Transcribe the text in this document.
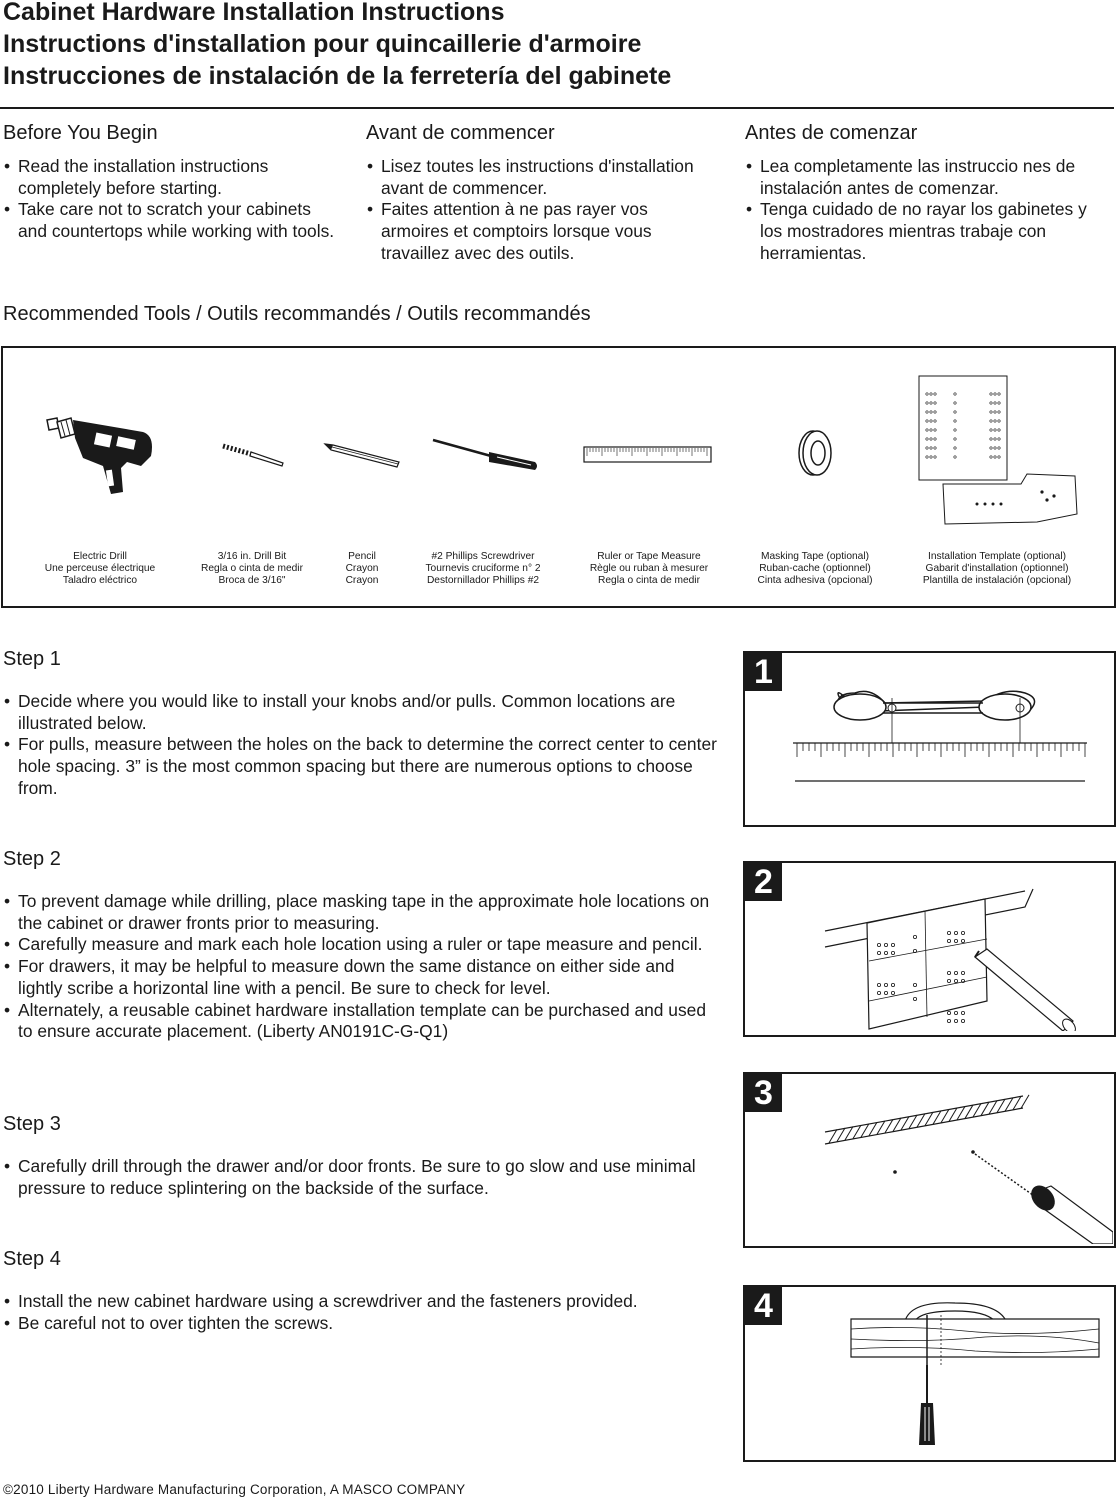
Cabinet Hardware Installation Instructions
Instructions d'installation pour quincaillerie d'armoire
Instrucciones de instalación de la ferretería del gabinete
Before You Begin
• Read the installation instructions completely before starting.
• Take care not to scratch your cabinets and countertops while working with tools.
Avant de commencer
• Lisez toutes les instructions d'installation avant de commencer.
• Faites attention à ne pas rayer vos armoires et comptoirs lorsque vous travaillez avec des outils.
Antes de comenzar
• Lea completamente las instruccio nes de instalación antes de comenzar.
• Tenga cuidado de no rayar los gabinetes y los mostradores mientras trabaje con herramientas.
Recommended Tools / Outils recommandés / Outils recommandés
Electric Drill
Une perceuse électrique
Taladro eléctrico
3/16 in. Drill Bit
Regla o cinta de medir
Broca de 3/16"
Pencil
Crayon
Crayon
#2 Phillips Screwdriver
Tournevis cruciforme n° 2
Destornillador Phillips #2
Ruler or Tape Measure
Règle ou ruban à mesurer
Regla o cinta de medir
Masking Tape (optional)
Ruban-cache (optionnel)
Cinta adhesiva (opcional)
Installation Template (optional)
Gabarit d'installation (optionnel)
Plantilla de instalación (opcional)
Step 1
• Decide where you would like to install your knobs and/or pulls. Common locations are illustrated below.
• For pulls, measure between the holes on the back to determine the correct center to center hole spacing. 3” is the most common spacing but there are numerous options to choose from.
1
Step 2
• To prevent damage while drilling, place masking tape in the approximate hole locations on the cabinet or drawer fronts prior to measuring.
• Carefully measure and mark each hole location using a ruler or tape measure and pencil.
• For drawers, it may be helpful to measure down the same distance on either side and lightly scribe a horizontal line with a pencil. Be sure to check for level.
• Alternately, a reusable cabinet hardware installation template can be purchased and used to ensure accurate placement. (Liberty AN0191C-G-Q1)
2
Step 3
• Carefully drill through the drawer and/or door fronts. Be sure to go slow and use minimal pressure to reduce splintering on the backside of the surface.
3
Step 4
• Install the new cabinet hardware using a screwdriver and the fasteners provided.
• Be careful not to over tighten the screws.	4
©2010 Liberty Hardware Manufacturing Corporation, A MASCO COMPANY
